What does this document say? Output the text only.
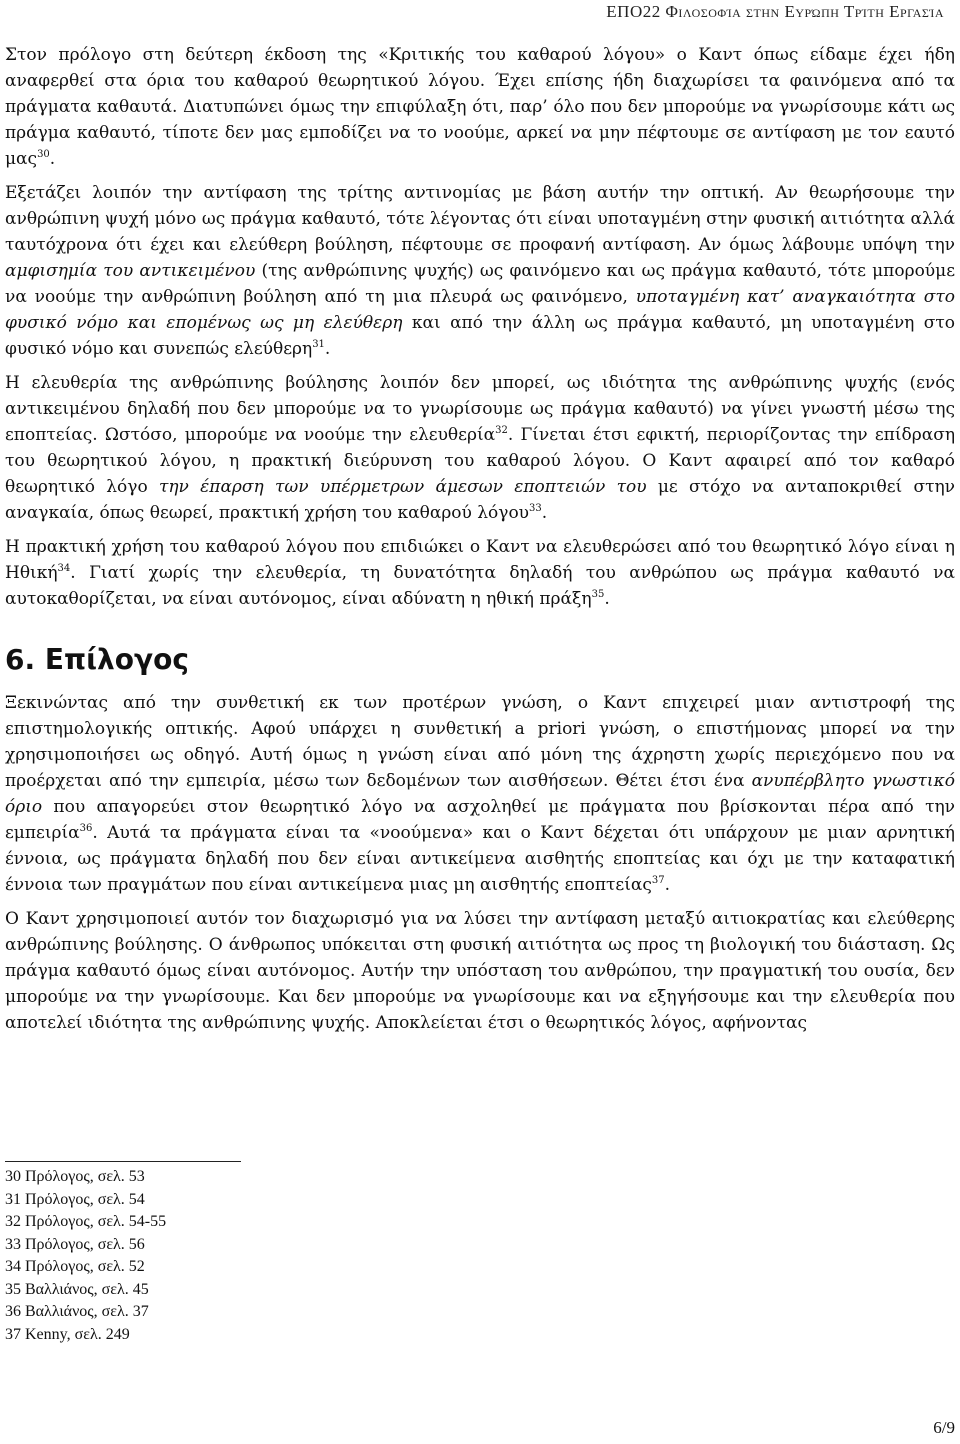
ΕΠΟ22 Φιλοσοφία στην Ευρώπη Τρίτη Εργασία

Στον πρόλογο στη δεύτερη έκδοση της «Κριτικής του καθαρού λόγου» ο Καντ όπως είδαμε έχει ήδη αναφερθεί στα όρια του καθαρού θεωρητικού λόγου. Έχει επίσης ήδη διαχωρίσει τα φαινόμενα από τα πράγματα καθαυτά. Διατυπώνει όμως την επιφύλαξη ότι, παρ’ όλο που δεν μπορούμε να γνωρίσουμε κάτι ως πράγμα καθαυτό, τίποτε δεν μας εμποδίζει να το νοούμε, αρκεί να μην πέφτουμε σε αντίφαση με τον εαυτό μας$^{30}$.

Εξετάζει λοιπόν την αντίφαση της τρίτης αντινομίας με βάση αυτήν την οπτική. Αν θεωρήσουμε την ανθρώπινη ψυχή μόνο ως πράγμα καθαυτό, τότε λέγοντας ότι είναι υποταγμένη στην φυσική αιτιότητα αλλά ταυτόχρονα ότι έχει και ελεύθερη βούληση, πέφτουμε σε προφανή αντίφαση. Αν όμως λάβουμε υπόψη την αμφισημία του αντικειμένου (της ανθρώπινης ψυχής) ως φαινόμενο και ως πράγμα καθαυτό, τότε μπορούμε να νοούμε την ανθρώπινη βούληση από τη μια πλευρά ως φαινόμενο, υποταγμένη κατ’ αναγκαιότητα στο φυσικό νόμο και επομένως ως μη ελεύθερη και από την άλλη ως πράγμα καθαυτό, μη υποταγμένη στο φυσικό νόμο και συνεπώς ελεύθερη$^{31}$.

Η ελευθερία της ανθρώπινης βούλησης λοιπόν δεν μπορεί, ως ιδιότητα της ανθρώπινης ψυχής (ενός αντικειμένου δηλαδή που δεν μπορούμε να το γνωρίσουμε ως πράγμα καθαυτό) να γίνει γνωστή μέσω της εποπτείας. Ωστόσο, μπορούμε να νοούμε την ελευθερία$^{32}$. Γίνεται έτσι εφικτή, περιορίζοντας την επίδραση του θεωρητικού λόγου, η πρακτική διεύρυνση του καθαρού λόγου. Ο Καντ αφαιρεί από τον καθαρό θεωρητικό λόγο την έπαρση των υπέρμετρων άμεσων εποπτειών του με στόχο να ανταποκριθεί στην αναγκαία, όπως θεωρεί, πρακτική χρήση του καθαρού λόγου$^{33}$.

Η πρακτική χρήση του καθαρού λόγου που επιδιώκει ο Καντ να ελευθερώσει από του θεωρητικό λόγο είναι η Ηθική$^{34}$. Γιατί χωρίς την ελευθερία, τη δυνατότητα δηλαδή του ανθρώπου ως πράγμα καθαυτό να αυτοκαθορίζεται, να είναι αυτόνομος, είναι αδύνατη η ηθική πράξη$^{35}$.

6. Επίλογος

Ξεκινώντας από την συνθετική εκ των προτέρων γνώση, ο Καντ επιχειρεί μιαν αντιστροφή της επιστημολογικής οπτικής. Αφού υπάρχει η συνθετική a priori γνώση, ο επιστήμονας μπορεί να την χρησιμοποιήσει ως οδηγό. Αυτή όμως η γνώση είναι από μόνη της άχρηστη χωρίς περιεχόμενο που να προέρχεται από την εμπειρία, μέσω των δεδομένων των αισθήσεων. Θέτει έτσι ένα ανυπέρβλητο γνωστικό όριο που απαγορεύει στον θεωρητικό λόγο να ασχοληθεί με πράγματα που βρίσκονται πέρα από την εμπειρία$^{36}$. Αυτά τα πράγματα είναι τα «νοούμενα» και ο Καντ δέχεται ότι υπάρχουν με μιαν αρνητική έννοια, ως πράγματα δηλαδή που δεν είναι αντικείμενα αισθητής εποπτείας και όχι με την καταφατική έννοια των πραγμάτων που είναι αντικείμενα μιας μη αισθητής εποπτείας$^{37}$.

Ο Καντ χρησιμοποιεί αυτόν τον διαχωρισμό για να λύσει την αντίφαση μεταξύ αιτιοκρατίας και ελεύθερης ανθρώπινης βούλησης. Ο άνθρωπος υπόκειται στη φυσική αιτιότητα ως προς τη βιολογική του διάσταση. Ως πράγμα καθαυτό όμως είναι αυτόνομος. Αυτήν την υπόσταση του ανθρώπου, την πραγματική του ουσία, δεν μπορούμε να την γνωρίσουμε. Και δεν μπορούμε να γνωρίσουμε και να εξηγήσουμε και την ελευθερία που αποτελεί ιδιότητα της ανθρώπινης ψυχής. Αποκλείεται έτσι ο θεωρητικός λόγος, αφήνοντας

30 Πρόλογος, σελ. 53
31 Πρόλογος, σελ. 54
32 Πρόλογος, σελ. 54-55
33 Πρόλογος, σελ. 56
34 Πρόλογος, σελ. 52
35 Βαλλιάνος, σελ. 45
36 Βαλλιάνος, σελ. 37
37 Kenny, σελ. 249
6/9
